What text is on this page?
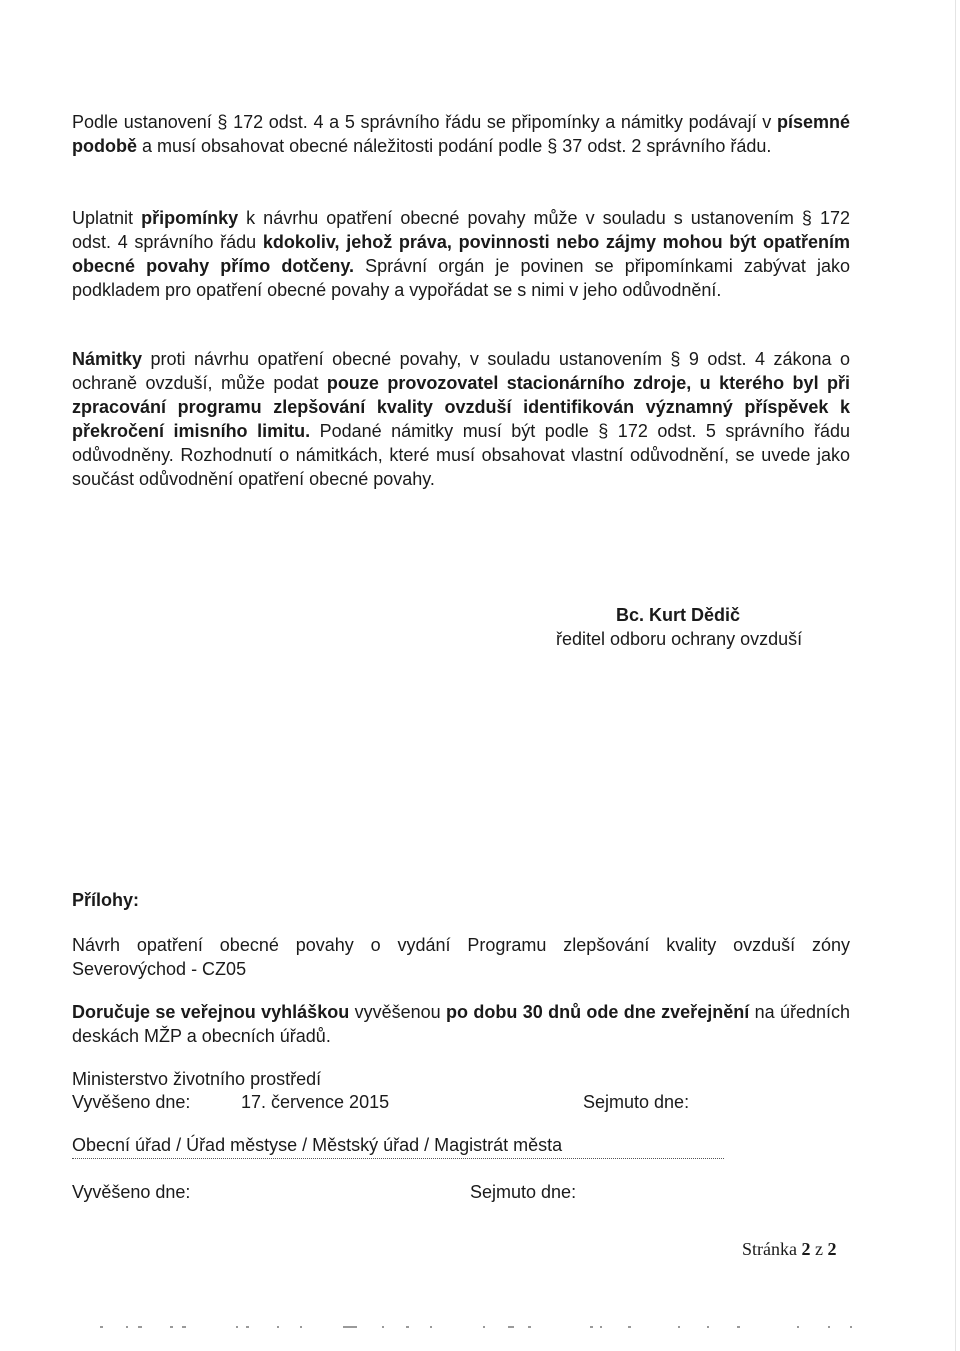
Podle ustanovení § 172 odst. 4 a 5 správního řádu se připomínky a námitky podávají v písemné podobě a musí obsahovat obecné náležitosti podání podle § 37 odst. 2 správního řádu.

Uplatnit připomínky k návrhu opatření obecné povahy může v souladu s ustanovením § 172 odst. 4 správního řádu kdokoliv, jehož práva, povinnosti nebo zájmy mohou být opatřením obecné povahy přímo dotčeny. Správní orgán je povinen se připomínkami zabývat jako podkladem pro opatření obecné povahy a vypořádat se s nimi v jeho odůvodnění.

Námitky proti návrhu opatření obecné povahy, v souladu ustanovením § 9 odst. 4 zákona o ochraně ovzduší, může podat pouze provozovatel stacionárního zdroje, u kterého byl při zpracování programu zlepšování kvality ovzduší identifikován významný příspěvek k překročení imisního limitu. Podané námitky musí být podle § 172 odst. 5 správního řádu odůvodněny. Rozhodnutí o námitkách, které musí obsahovat vlastní odůvodnění, se uvede jako součást odůvodnění opatření obecné povahy.

Bc. Kurt Dědič
ředitel odboru ochrany ovzduší
Přílohy:

Návrh opatření obecné povahy o vydání Programu zlepšování kvality ovzduší zóny Severovýchod - CZ05

Doručuje se veřejnou vyhláškou vyvěšenou po dobu 30 dnů ode dne zveřejnění na úředních deskách MŽP a obecních úřadů.

Ministerstvo životního prostředí
Vyvěšeno dne:	17. července 2015	Sejmuto dne:
Obecní úřad / Úřad městyse / Městský úřad / Magistrát města
Vyvěšeno dne:	Sejmuto dne:
Stránka 2 z 2
